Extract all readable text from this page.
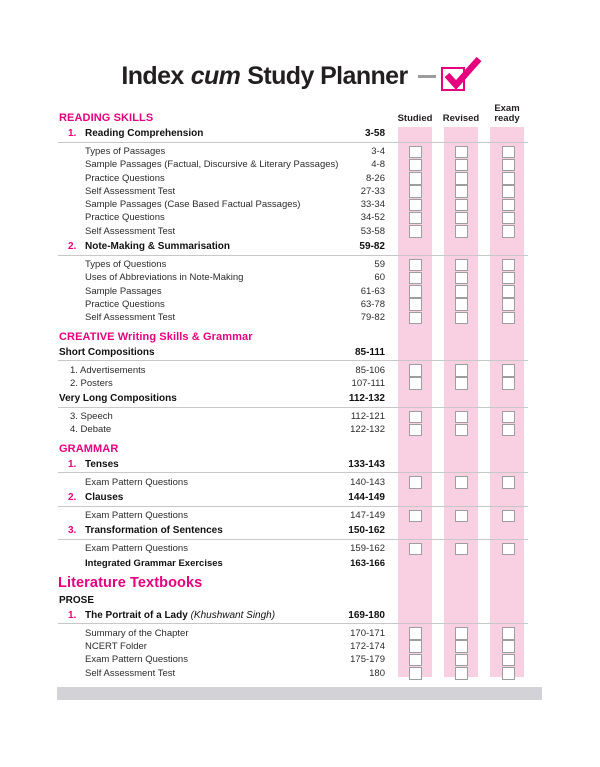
Index cum Study Planner
Studied	Revised
Exam ready
READING SKILLS
1. Reading Comprehension	3-58
Types of Passages	3-4
Sample Passages (Factual, Discursive & Literary Passages)	4-8
Practice Questions	8-26
Self Assessment Test	27-33
Sample Passages (Case Based Factual Passages)	33-34
Practice Questions	34-52
Self Assessment Test	53-58
2. Note-Making & Summarisation	59-82
Types of Questions	59
Uses of Abbreviations in Note-Making	60
Sample Passages	61-63
Practice Questions	63-78
Self Assessment Test	79-82
CREATIVE Writing Skills & Grammar
Short Compositions	85-111
1. Advertisements	85-106
2. Posters	107-111
Very Long Compositions	112-132
3. Speech	112-121
4. Debate	122-132
GRAMMAR
1. Tenses	133-143
Exam Pattern Questions	140-143
2. Clauses	144-149
Exam Pattern Questions	147-149
3. Transformation of Sentences	150-162
Exam Pattern Questions	159-162
Integrated Grammar Exercises	163-166
Literature Textbooks
PROSE
1. The Portrait of a Lady (Khushwant Singh)	169-180
Summary of the Chapter	170-171
NCERT Folder	172-174
Exam Pattern Questions	175-179
Self Assessment Test	180
